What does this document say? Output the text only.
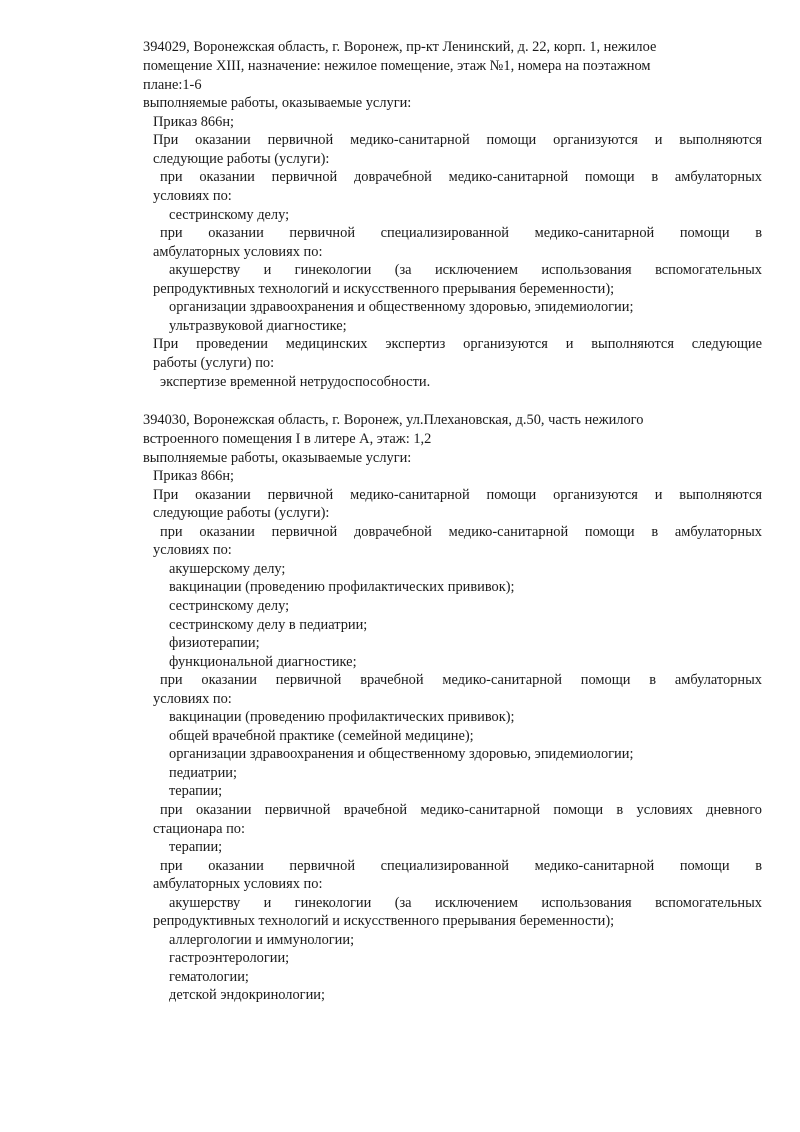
394029, Воронежская область, г. Воронеж, пр-кт Ленинский, д. 22, корп. 1, нежилое
помещение XIII, назначение: нежилое помещение, этаж №1, номера на поэтажном
плане:1-6
выполняемые работы, оказываемые услуги:
Приказ 866н;
При оказании первичной медико-санитарной помощи организуются и выполняются
следующие работы (услуги):
при оказании первичной доврачебной медико-санитарной помощи в амбулаторных
условиях по:
сестринскому делу;
при оказании первичной специализированной медико-санитарной помощи в
амбулаторных условиях по:
акушерству и гинекологии (за исключением использования вспомогательных
репродуктивных технологий и искусственного прерывания беременности);
организации здравоохранения и общественному здоровью, эпидемиологии;
ультразвуковой диагностике;
При проведении медицинских экспертиз организуются и выполняются следующие
работы (услуги) по:
экспертизе временной нетрудоспособности.
394030, Воронежская область, г. Воронеж, ул.Плехановская, д.50, часть нежилого
встроенного помещения I в литере А, этаж: 1,2
выполняемые работы, оказываемые услуги:
Приказ 866н;
При оказании первичной медико-санитарной помощи организуются и выполняются
следующие работы (услуги):
при оказании первичной доврачебной медико-санитарной помощи в амбулаторных
условиях по:
акушерскому делу;
вакцинации (проведению профилактических прививок);
сестринскому делу;
сестринскому делу в педиатрии;
физиотерапии;
функциональной диагностике;
при оказании первичной врачебной медико-санитарной помощи в амбулаторных
условиях по:
вакцинации (проведению профилактических прививок);
общей врачебной практике (семейной медицине);
организации здравоохранения и общественному здоровью, эпидемиологии;
педиатрии;
терапии;
при оказании первичной врачебной медико-санитарной помощи в условиях дневного
стационара по:
терапии;
при оказании первичной специализированной медико-санитарной помощи в
амбулаторных условиях по:
акушерству и гинекологии (за исключением использования вспомогательных
репродуктивных технологий и искусственного прерывания беременности);
аллергологии и иммунологии;
гастроэнтерологии;
гематологии;
детской эндокринологии;
